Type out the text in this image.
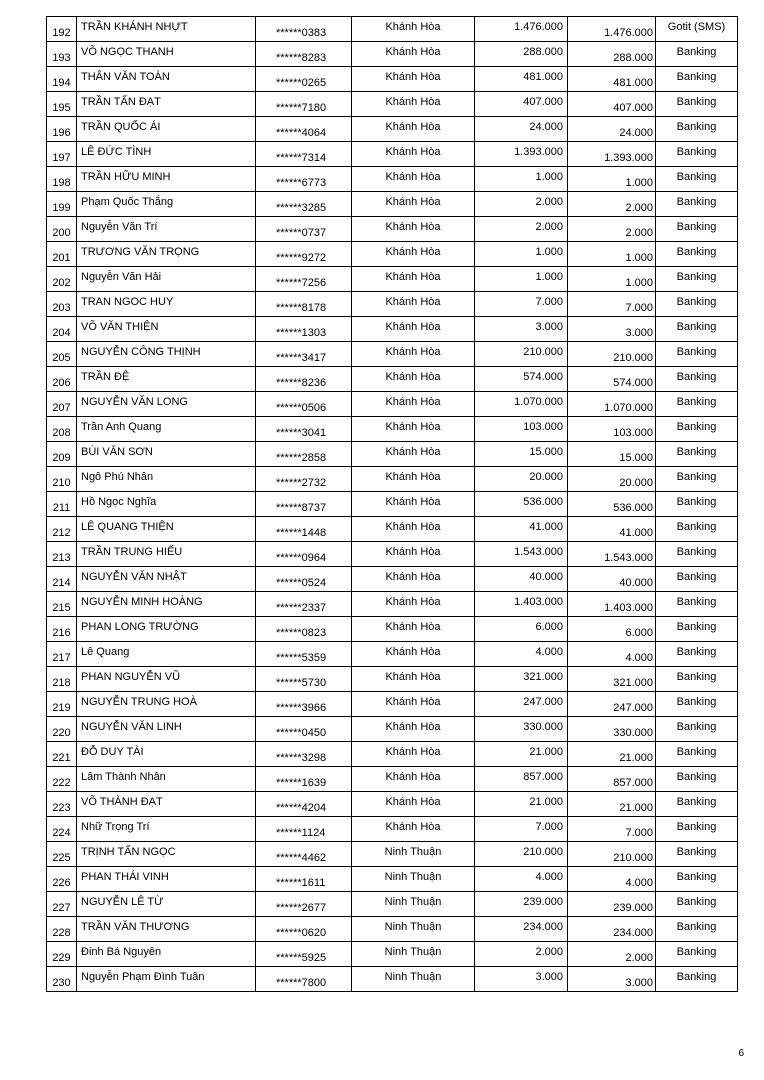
192	TRẦN KHÁNH NHỰT	******0383	Khánh Hòa	1.476.000	1.476.000	Gotit (SMS)
193	VÕ NGỌC THANH	******8283	Khánh Hòa	288.000	288.000	Banking
194	THÂN VĂN TOÀN	******0265	Khánh Hòa	481.000	481.000	Banking
195	TRẦN TẤN ĐẠT	******7180	Khánh Hòa	407.000	407.000	Banking
196	TRẦN QUỐC ÁI	******4064	Khánh Hòa	24.000	24.000	Banking
197	LÊ ĐỨC TÌNH	******7314	Khánh Hòa	1.393.000	1.393.000	Banking
198	TRẦN HỮU MINH	******6773	Khánh Hòa	1.000	1.000	Banking
199	Phạm Quốc Thắng	******3285	Khánh Hòa	2.000	2.000	Banking
200	Nguyễn Văn Trí	******0737	Khánh Hòa	2.000	2.000	Banking
201	TRƯƠNG VĂN TRỌNG	******9272	Khánh Hòa	1.000	1.000	Banking
202	Nguyễn Văn Hải	******7256	Khánh Hòa	1.000	1.000	Banking
203	TRAN NGOC HUY	******8178	Khánh Hòa	7.000	7.000	Banking
204	VÕ VĂN THIỆN	******1303	Khánh Hòa	3.000	3.000	Banking
205	NGUYỄN CÔNG THỊNH	******3417	Khánh Hòa	210.000	210.000	Banking
206	TRẦN ĐỆ	******8236	Khánh Hòa	574.000	574.000	Banking
207	NGUYỄN VĂN LONG	******0506	Khánh Hòa	1.070.000	1.070.000	Banking
208	Trần Anh Quang	******3041	Khánh Hòa	103.000	103.000	Banking
209	BÙI VĂN SƠN	******2858	Khánh Hòa	15.000	15.000	Banking
210	Ngô Phú Nhân	******2732	Khánh Hòa	20.000	20.000	Banking
211	Hồ Ngọc Nghĩa	******8737	Khánh Hòa	536.000	536.000	Banking
212	LÊ QUANG THIỆN	******1448	Khánh Hòa	41.000	41.000	Banking
213	TRẦN TRUNG HIẾU	******0964	Khánh Hòa	1.543.000	1.543.000	Banking
214	NGUYỄN VĂN NHẬT	******0524	Khánh Hòa	40.000	40.000	Banking
215	NGUYỄN MINH HOÀNG	******2337	Khánh Hòa	1.403.000	1.403.000	Banking
216	PHAN LONG TRƯỜNG	******0823	Khánh Hòa	6.000	6.000	Banking
217	Lê Quang	******5359	Khánh Hòa	4.000	4.000	Banking
218	PHAN NGUYỄN VŨ	******5730	Khánh Hòa	321.000	321.000	Banking
219	NGUYỄN TRUNG HOÀ	******3966	Khánh Hòa	247.000	247.000	Banking
220	NGUYỄN VĂN LINH	******0450	Khánh Hòa	330.000	330.000	Banking
221	ĐỖ DUY TÀI	******3298	Khánh Hòa	21.000	21.000	Banking
222	Lâm Thành Nhân	******1639	Khánh Hòa	857.000	857.000	Banking
223	VÕ THÀNH ĐẠT	******4204	Khánh Hòa	21.000	21.000	Banking
224	Nhữ Trọng Trí	******1124	Khánh Hòa	7.000	7.000	Banking
225	TRỊNH TẤN NGỌC	******4462	Ninh Thuận	210.000	210.000	Banking
226	PHAN THÁI VINH	******1611	Ninh Thuận	4.000	4.000	Banking
227	NGUYỄN LÊ TỪ	******2677	Ninh Thuận	239.000	239.000	Banking
228	TRẦN VĂN THƯƠNG	******0620	Ninh Thuận	234.000	234.000	Banking
229	Đinh Bá Nguyên	******5925	Ninh Thuận	2.000	2.000	Banking
230	Nguyễn Phạm Đình Tuân	******7800	Ninh Thuận	3.000	3.000	Banking
6
